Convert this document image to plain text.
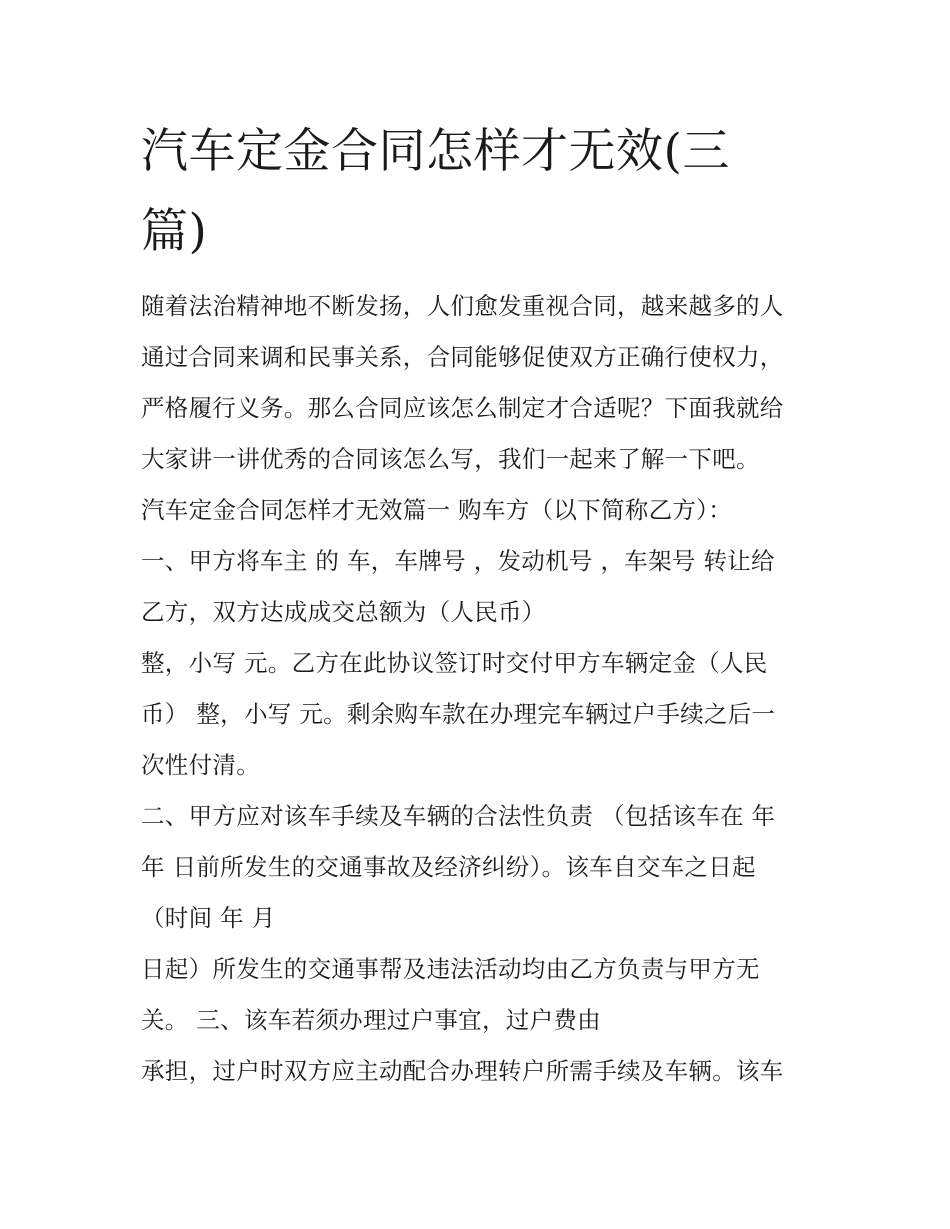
汽车定金合同怎样才无效(三篇)
随着法治精神地不断发扬，人们愈发重视合同，越来越多的人
通过合同来调和民事关系，合同能够促使双方正确行使权力，
严格履行义务。那么合同应该怎么制定才合适呢？下面我就给
大家讲一讲优秀的合同该怎么写，我们一起来了解一下吧。
汽车定金合同怎样才无效篇一 购车方（以下简称乙方）：
一、甲方将车主 的 车，车牌号 ，发动机号 ，车架号 转让给
乙方，双方达成成交总额为（人民币）
整，小写 元。乙方在此协议签订时交付甲方车辆定金（人民
币） 整，小写 元。剩余购车款在办理完车辆过户手续之后一
次性付清。
二、甲方应对该车手续及车辆的合法性负责 （包括该车在 年
年 日前所发生的交通事故及经济纠纷）。该车自交车之日起
（时间 年 月
日起）所发生的交通事帮及违法活动均由乙方负责与甲方无
关。 三、该车若须办理过户事宜，过户费由
承担，过户时双方应主动配合办理转户所需手续及车辆。该车
